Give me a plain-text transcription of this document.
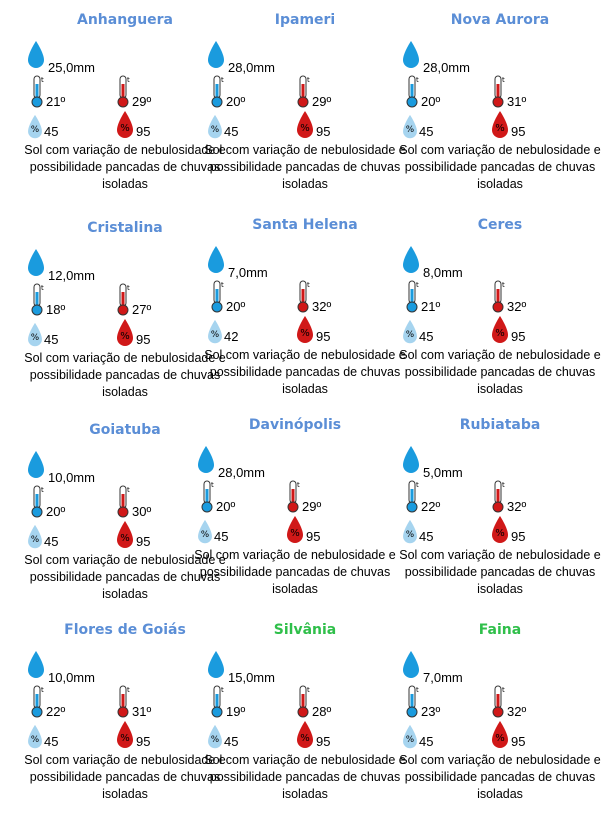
Anhanguera
25,0mm
t
21º
t
29º
% 45	% 95
Sol com variação de nebulosidade e possibilidade pancadas de chuvas isoladas
Ipameri
28,0mm
t
20º
t
29º
% 45	% 95
Sol com variação de nebulosidade e possibilidade pancadas de chuvas isoladas
Nova Aurora
28,0mm
t
20º
t
31º
% 45	% 95
Sol com variação de nebulosidade e possibilidade pancadas de chuvas isoladas
Cristalina
12,0mm
t
18º
t
27º
% 45	% 95
Sol com variação de nebulosidade e possibilidade pancadas de chuvas isoladas
Santa Helena
7,0mm
t
20º
t
32º
% 42	% 95
Sol com variação de nebulosidade e possibilidade pancadas de chuvas isoladas
Ceres
8,0mm
t
21º
t
32º
% 45	% 95
Sol com variação de nebulosidade e possibilidade pancadas de chuvas isoladas
Goiatuba
10,0mm
t
20º
t
30º
% 45	% 95
Sol com variação de nebulosidade e possibilidade pancadas de chuvas isoladas
Davinópolis
28,0mm
t
20º
t
29º
% 45	% 95
Sol com variação de nebulosidade e possibilidade pancadas de chuvas isoladas
Rubiataba
5,0mm
t
22º
t
32º
% 45	% 95
Sol com variação de nebulosidade e possibilidade pancadas de chuvas isoladas
Flores de Goiás
10,0mm
t
22º
t
31º
% 45	% 95
Sol com variação de nebulosidade e possibilidade pancadas de chuvas isoladas
Silvânia
15,0mm
t
19º
t
28º
% 45	% 95
Sol com variação de nebulosidade e possibilidade pancadas de chuvas isoladas
Faina
7,0mm
t
23º
t
32º
% 45	% 95
Sol com variação de nebulosidade e possibilidade pancadas de chuvas isoladas
